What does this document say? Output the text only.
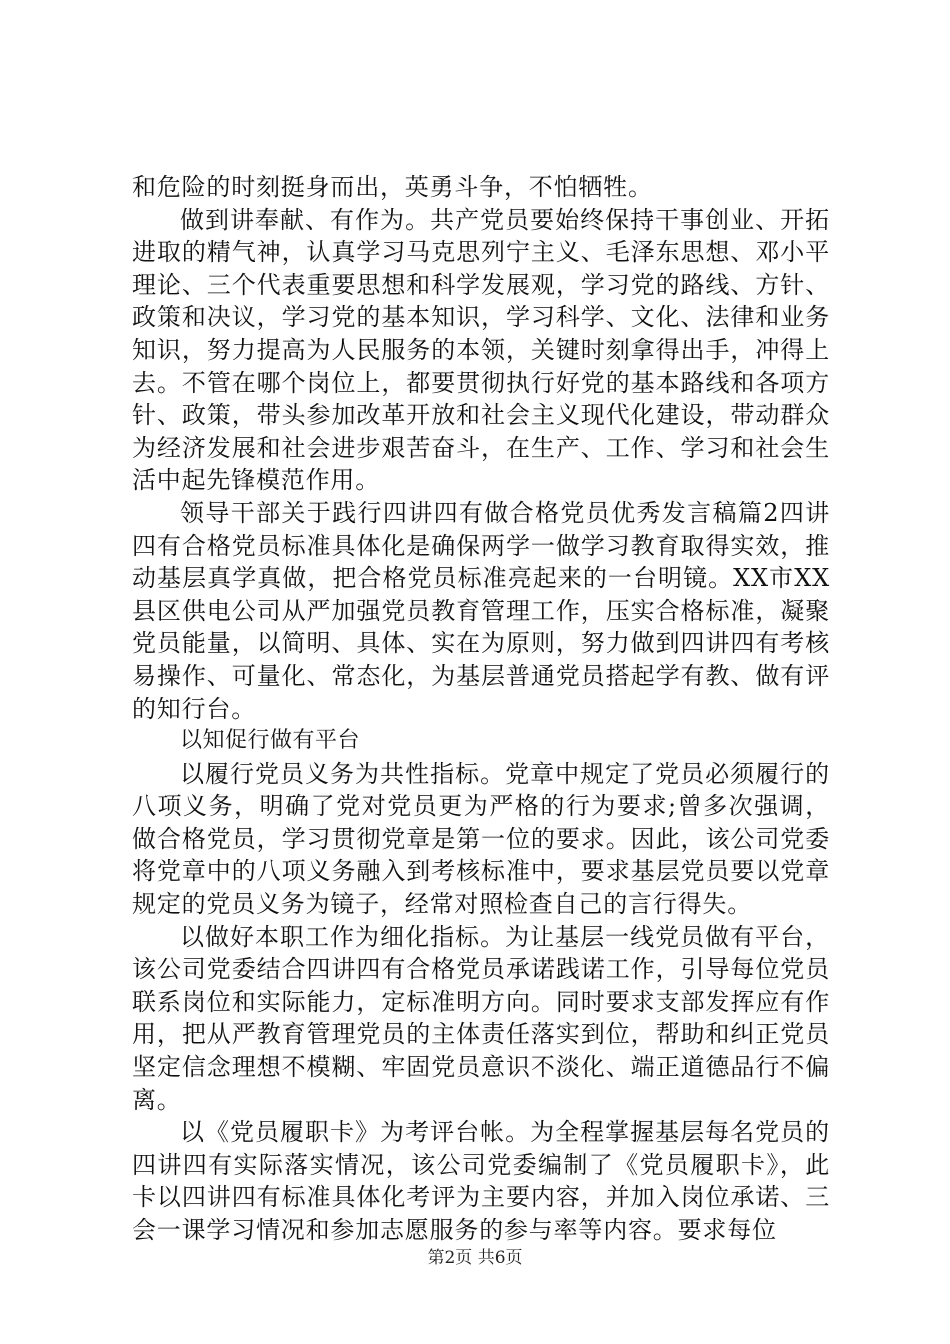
和危险的时刻挺身而出，英勇斗争，不怕牺牲。

做到讲奉献、有作为。共产党员要始终保持干事创业、开拓进取的精气神，认真学习马克思列宁主义、毛泽东思想、邓小平理论、三个代表重要思想和科学发展观，学习党的路线、方针、政策和决议，学习党的基本知识，学习科学、文化、法律和业务知识，努力提高为人民服务的本领，关键时刻拿得出手，冲得上去。不管在哪个岗位上，都要贯彻执行好党的基本路线和各项方针、政策，带头参加改革开放和社会主义现代化建设，带动群众为经济发展和社会进步艰苦奋斗，在生产、工作、学习和社会生活中起先锋模范作用。

领导干部关于践行四讲四有做合格党员优秀发言稿篇2四讲四有合格党员标准具体化是确保两学一做学习教育取得实效，推动基层真学真做，把合格党员标准亮起来的一台明镜。XX市XX县区供电公司从严加强党员教育管理工作，压实合格标准，凝聚党员能量，以简明、具体、实在为原则，努力做到四讲四有考核易操作、可量化、常态化，为基层普通党员搭起学有教、做有评的知行台。

以知促行做有平台

以履行党员义务为共性指标。党章中规定了党员必须履行的八项义务，明确了党对党员更为严格的行为要求;曾多次强调，做合格党员，学习贯彻党章是第一位的要求。因此，该公司党委将党章中的八项义务融入到考核标准中，要求基层党员要以党章规定的党员义务为镜子，经常对照检查自己的言行得失。

以做好本职工作为细化指标。为让基层一线党员做有平台，该公司党委结合四讲四有合格党员承诺践诺工作，引导每位党员联系岗位和实际能力，定标准明方向。同时要求支部发挥应有作用，把从严教育管理党员的主体责任落实到位，帮助和纠正党员坚定信念理想不模糊、牢固党员意识不淡化、端正道德品行不偏离。

以《党员履职卡》为考评台帐。为全程掌握基层每名党员的四讲四有实际落实情况，该公司党委编制了《党员履职卡》，此卡以四讲四有标准具体化考评为主要内容，并加入岗位承诺、三会一课学习情况和参加志愿服务的参与率等内容。要求每位

第2页 共6页
